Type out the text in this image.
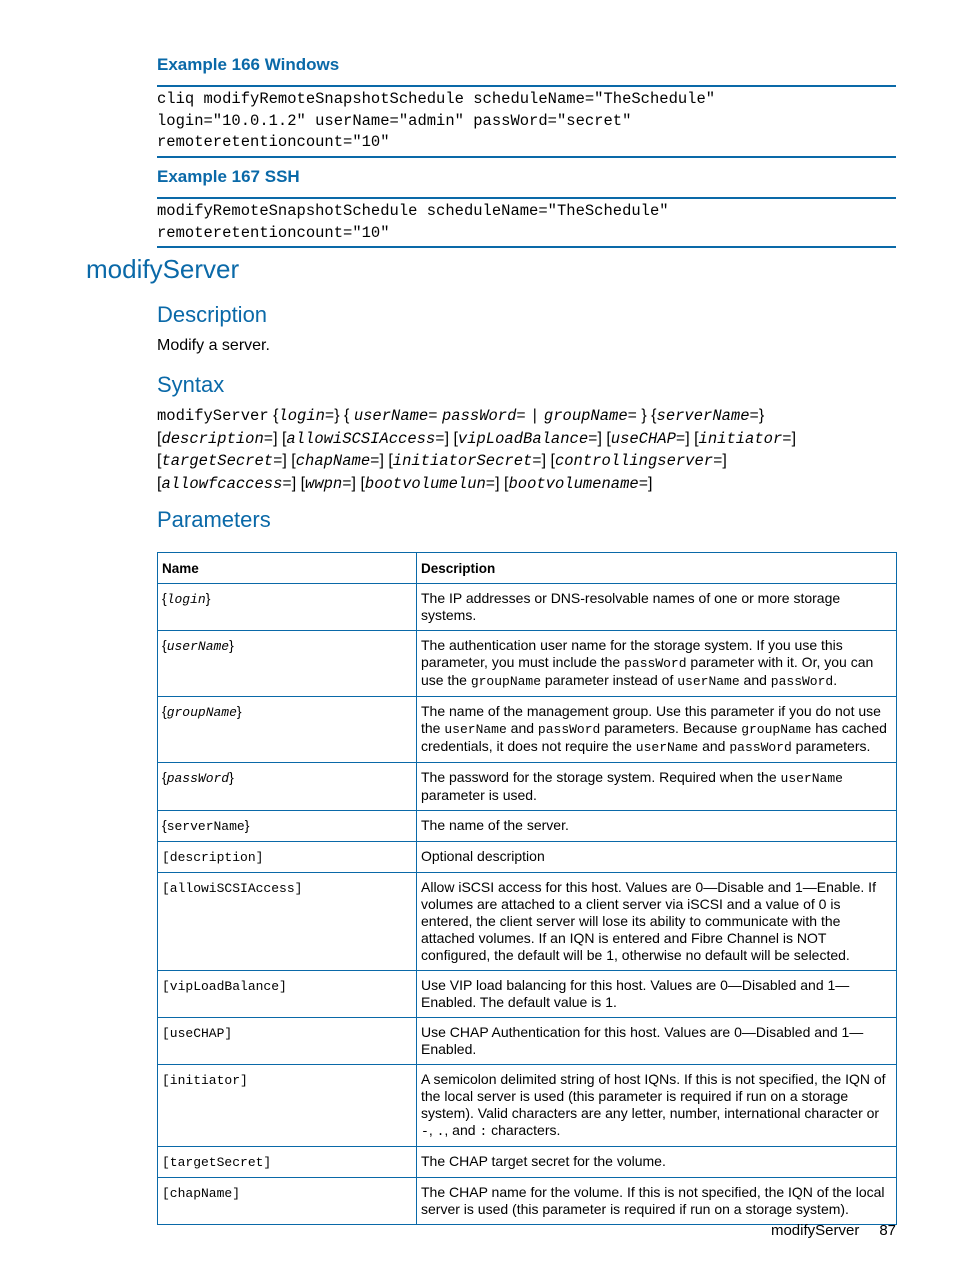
Example 166 Windows
cliq modifyRemoteSnapshotSchedule scheduleName="TheSchedule"
login="10.0.1.2" userName="admin" passWord="secret"
remoteretentioncount="10"
Example 167 SSH
modifyRemoteSnapshotSchedule scheduleName="TheSchedule"
remoteretentioncount="10"
modifyServer
Description
Modify a server.
Syntax
modifyServer {login=} { userName= passWord= | groupName= } {serverName=}
[description=] [allowiSCSIAccess=] [vipLoadBalance=] [useCHAP=] [initiator=]
[targetSecret=] [chapName=] [initiatorSecret=] [controllingserver=]
[allowfcaccess=] [wwpn=] [bootvolumelun=] [bootvolumename=]
Parameters
Name	Description
{login}	The IP addresses or DNS-resolvable names of one or more storage systems.
{userName}	The authentication user name for the storage system. If you use this parameter, you must include the passWord parameter with it. Or, you can use the groupName parameter instead of userName and passWord.
{groupName}	The name of the management group. Use this parameter if you do not use the userName and passWord parameters. Because groupName has cached credentials, it does not require the userName and passWord parameters.
{passWord}	The password for the storage system. Required when the userName parameter is used.
{serverName}	The name of the server.
[description]	Optional description
[allowiSCSIAccess]	Allow iSCSI access for this host. Values are 0—Disable and 1—Enable. If volumes are attached to a client server via iSCSI and a value of 0 is entered, the client server will lose its ability to communicate with the attached volumes. If an IQN is entered and Fibre Channel is NOT configured, the default will be 1, otherwise no default will be selected.
[vipLoadBalance]	Use VIP load balancing for this host. Values are 0—Disabled and 1—Enabled. The default value is 1.
[useCHAP]	Use CHAP Authentication for this host. Values are 0—Disabled and 1—Enabled.
[initiator]	A semicolon delimited string of host IQNs. If this is not specified, the IQN of the local server is used (this parameter is required if run on a storage system). Valid characters are any letter, number, international character or -, ., and : characters.
[targetSecret]	The CHAP target secret for the volume.
[chapName]	The CHAP name for the volume. If this is not specified, the IQN of the local server is used (this parameter is required if run on a storage system).
modifyServer 87
